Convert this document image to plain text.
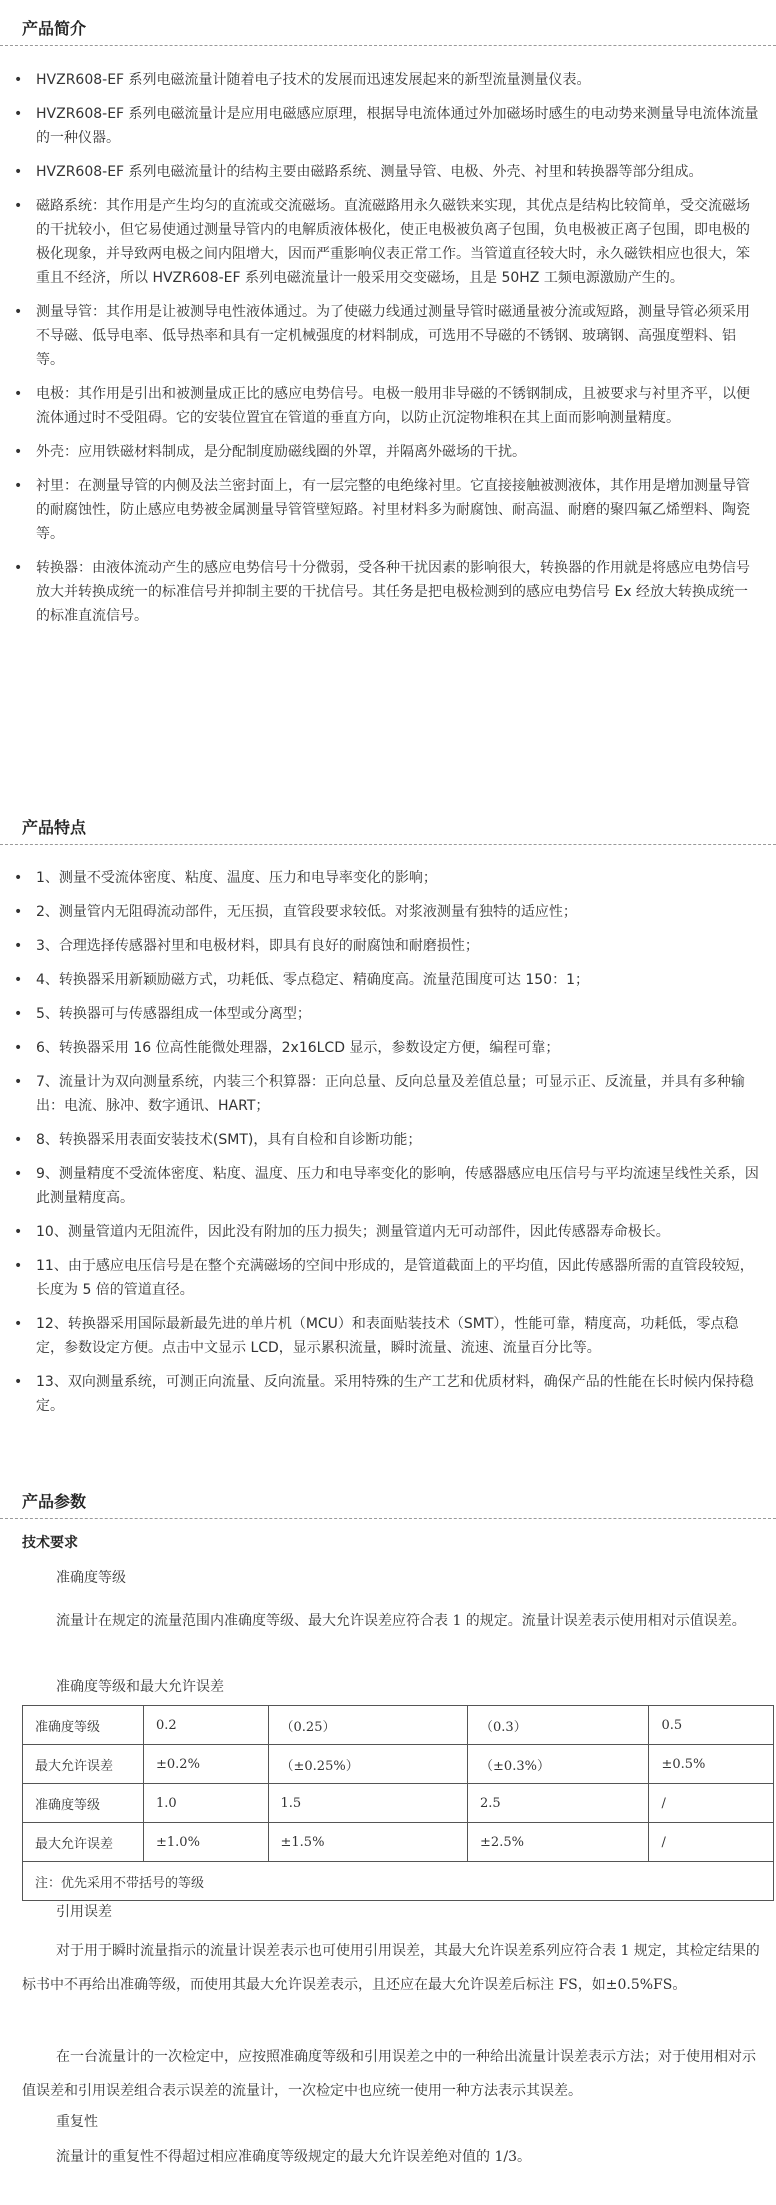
产品简介
• HVZR608-EF 系列电磁流量计随着电子技术的发展而迅速发展起来的新型流量测量仪表。
• HVZR608-EF 系列电磁流量计是应用电磁感应原理，根据导电流体通过外加磁场时感生的电动势来测量导电流体流量的一种仪器。
• HVZR608-EF 系列电磁流量计的结构主要由磁路系统、测量导管、电极、外壳、衬里和转换器等部分组成。
• 磁路系统：其作用是产生均匀的直流或交流磁场。直流磁路用永久磁铁来实现，其优点是结构比较简单，受交流磁场的干扰较小，但它易使通过测量导管内的电解质液体极化，使正电极被负离子包围，负电极被正离子包围，即电极的极化现象，并导致两电极之间内阻增大，因而严重影响仪表正常工作。当管道直径较大时，永久磁铁相应也很大，笨重且不经济，所以 HVZR608-EF 系列电磁流量计一般采用交变磁场，且是 50HZ 工频电源激励产生的。
• 测量导管：其作用是让被测导电性液体通过。为了使磁力线通过测量导管时磁通量被分流或短路，测量导管必须采用不导磁、低导电率、低导热率和具有一定机械强度的材料制成，可选用不导磁的不锈钢、玻璃钢、高强度塑料、铝等。
• 电极：其作用是引出和被测量成正比的感应电势信号。电极一般用非导磁的不锈钢制成，且被要求与衬里齐平，以便流体通过时不受阻碍。它的安装位置宜在管道的垂直方向，以防止沉淀物堆积在其上面而影响测量精度。
• 外壳：应用铁磁材料制成，是分配制度励磁线圈的外罩，并隔离外磁场的干扰。
• 衬里：在测量导管的内侧及法兰密封面上，有一层完整的电绝缘衬里。它直接接触被测液体，其作用是增加测量导管的耐腐蚀性，防止感应电势被金属测量导管管壁短路。衬里材料多为耐腐蚀、耐高温、耐磨的聚四氟乙烯塑料、陶瓷等。
• 转换器：由液体流动产生的感应电势信号十分微弱，受各种干扰因素的影响很大，转换器的作用就是将感应电势信号放大并转换成统一的标准信号并抑制主要的干扰信号。其任务是把电极检测到的感应电势信号 Ex 经放大转换成统一的标准直流信号。
产品特点
• 1、测量不受流体密度、粘度、温度、压力和电导率变化的影响；
• 2、测量管内无阻碍流动部件，无压损，直管段要求较低。对浆液测量有独特的适应性；
• 3、合理选择传感器衬里和电极材料，即具有良好的耐腐蚀和耐磨损性；
• 4、转换器采用新颖励磁方式，功耗低、零点稳定、精确度高。流量范围度可达 150：1；
• 5、转换器可与传感器组成一体型或分离型；
• 6、转换器采用 16 位高性能微处理器，2x16LCD 显示，参数设定方便，编程可靠；
• 7、流量计为双向测量系统，内装三个积算器：正向总量、反向总量及差值总量；可显示正、反流量，并具有多种输出：电流、脉冲、数字通讯、HART；
• 8、转换器采用表面安装技术(SMT)，具有自检和自诊断功能；
• 9、测量精度不受流体密度、粘度、温度、压力和电导率变化的影响，传感器感应电压信号与平均流速呈线性关系，因此测量精度高。
• 10、测量管道内无阻流件，因此没有附加的压力损失；测量管道内无可动部件，因此传感器寿命极长。
• 11、由于感应电压信号是在整个充满磁场的空间中形成的，是管道截面上的平均值，因此传感器所需的直管段较短，长度为 5 倍的管道直径。
• 12、转换器采用国际最新最先进的单片机（MCU）和表面贴装技术（SMT），性能可靠，精度高，功耗低，零点稳定，参数设定方便。点击中文显示 LCD，显示累积流量，瞬时流量、流速、流量百分比等。
• 13、双向测量系统，可测正向流量、反向流量。采用特殊的生产工艺和优质材料，确保产品的性能在长时候内保持稳定。
产品参数
技术要求
准确度等级
流量计在规定的流量范围内准确度等级、最大允许误差应符合表 1 的规定。流量计误差表示使用相对示值误差。
准确度等级和最大允许误差
准确度等级	0.2	（0.25）	（0.3）	0.5
最大允许误差	±0.2%	（±0.25%）	（±0.3%）	±0.5%
准确度等级	1.0	1.5	2.5	/
最大允许误差	±1.0%	±1.5%	±2.5%	/
注：优先采用不带括号的等级				
引用误差
对于用于瞬时流量指示的流量计误差表示也可使用引用误差，其最大允许误差系列应符合表 1 规定，其检定结果的标书中不再给出准确等级，而使用其最大允许误差表示，且还应在最大允许误差后标注 FS，如±0.5%FS。
在一台流量计的一次检定中，应按照准确度等级和引用误差之中的一种给出流量计误差表示方法；对于使用相对示值误差和引用误差组合表示误差的流量计，一次检定中也应统一使用一种方法表示其误差。
重复性
流量计的重复性不得超过相应准确度等级规定的最大允许误差绝对值的 1/3。
